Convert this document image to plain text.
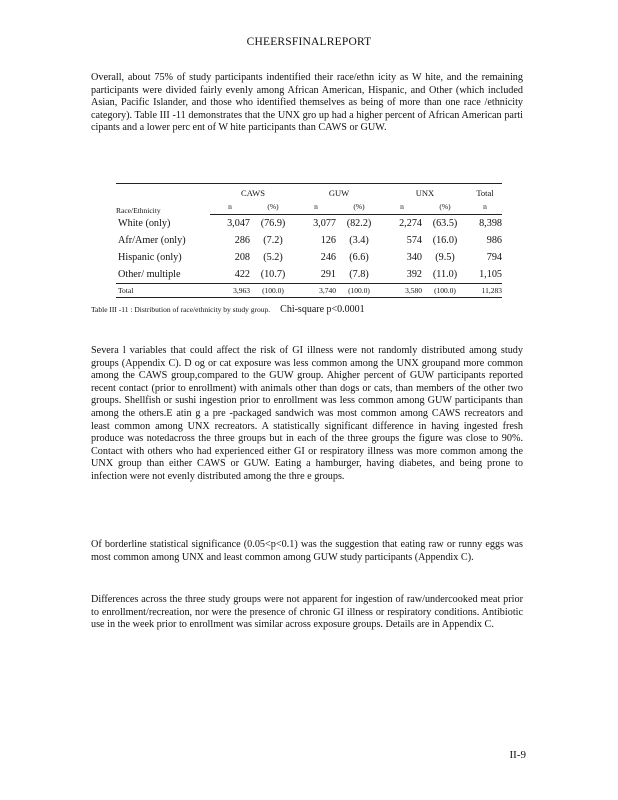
CHEERSFINALREPORT

Overall, about 75% of study participants indentified their race/ethn icity as W hite, and the remaining participants were divided fairly evenly among African American, Hispanic, and Other (which included Asian, Pacific Islander, and those who identified themselves as being of more than one race /ethnicity category). Table III -11 demonstrates that the UNX gro up had a higher percent of African American parti cipants and a lower perc ent of W hite participants than CAWS or GUW.

Race/Ethnicity	CAWS		GUW		UNX		Total
	n	(%)	n	(%)	n	(%)	n
White (only)	3,047	(76.9)	3,077	(82.2)	2,274	(63.5)	8,398
Afr/Amer (only)	286	(7.2)	126	(3.4)	574	(16.0)	986
Hispanic (only)	208	(5.2)	246	(6.6)	340	(9.5)	794
Other/ multiple	422	(10.7)	291	(7.8)	392	(11.0)	1,105
Total	3,963	(100.0)	3,740	(100.0)	3,580	(100.0)	11,283
Table III -11 : Distribution of race/ethnicity by study group. Chi-square p<0.0001

Severa l variables that could affect the risk of GI illness were not randomly distributed among study groups (Appendix C). D og or cat exposure was less common among the UNX groupand more common among the CAWS group,compared to the GUW group. Ahigher percent of GUW participants reported recent contact (prior to enrollment) with animals other than dogs or cats, than members of the other two groups. Shellfish or sushi ingestion prior to enrollment was less common among GUW participants than among the others.E atin g a pre -packaged sandwich was most common among CAWS recreators and least common among UNX recreators. A statistically significant difference in having ingested fresh produce was notedacross the three groups but in each of the three groups the figure was close to 90%. Contact with others who had experienced either GI or respiratory illness was more common among the UNX group than either CAWS or GUW. Eating a hamburger, having diabetes, and being prone to infection were not evenly distributed among the thre e groups.

Of borderline statistical significance (0.05<p<0.1) was the suggestion that eating raw or runny eggs was most common among UNX and least common among GUW study participants (Appendix C).

Differences across the three study groups were not apparent for ingestion of raw/undercooked meat prior to enrollment/recreation, nor were the presence of chronic GI illness or respiratory conditions. Antibiotic use in the week prior to enrollment was similar across exposure groups. Details are in Appendix C.

II-9
